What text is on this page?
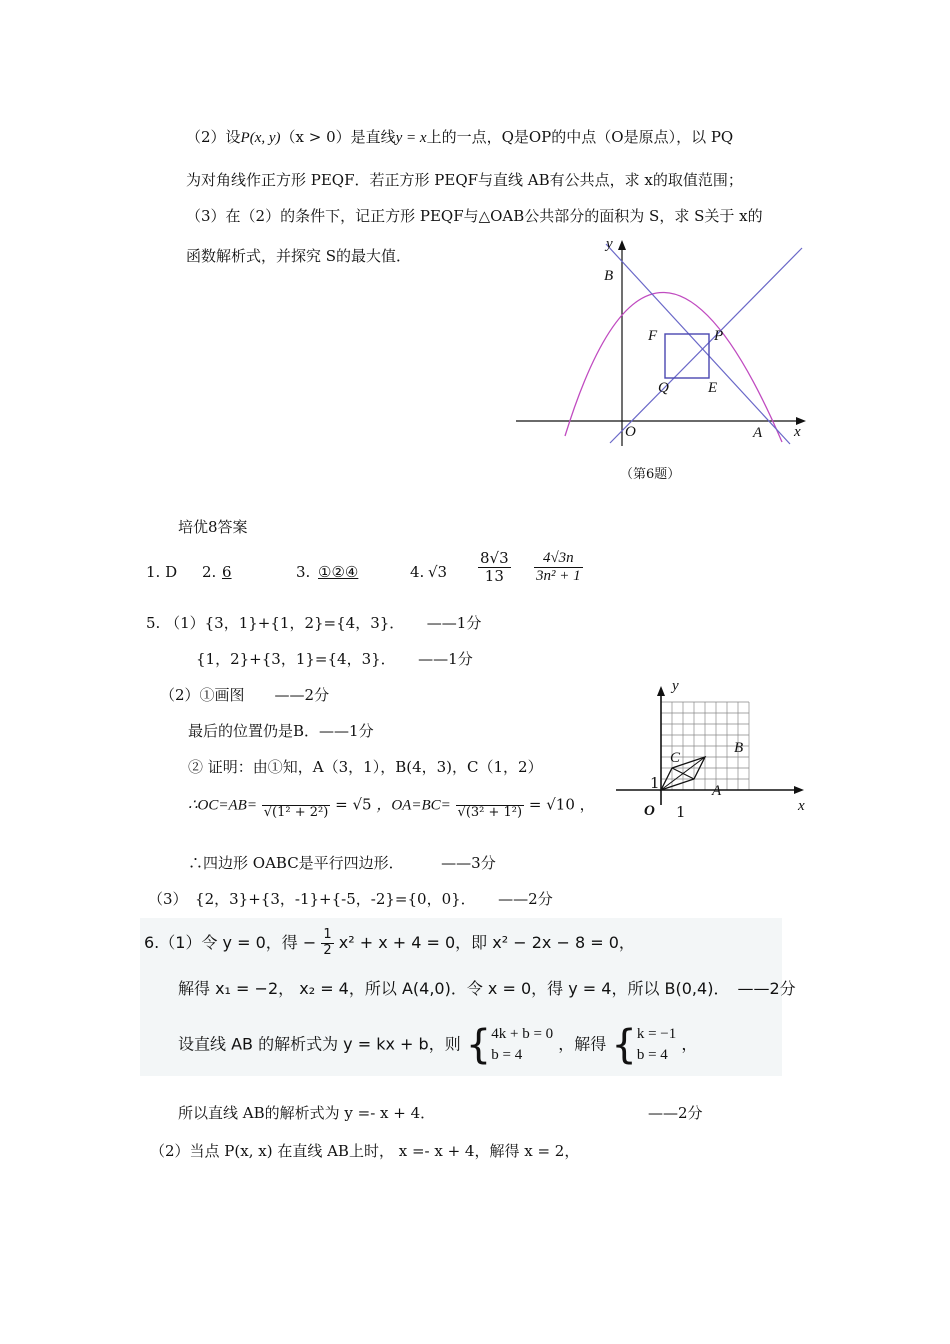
（2）设P(x, y)（x > 0）是直线y = x上的一点，Q是OP的中点（O是原点），以 PQ
为对角线作正方形 PEQF．若正方形 PEQF与直线 AB有公共点，求 x的取值范围；
（3）在（2）的条件下，记正方形 PEQF与△OAB公共部分的面积为 S，求 S关于 x的
函数解析式，并探究 S的最大值．
y
B
F	P
Q	E
O	A x
（第6题）
培优8答案
1. D 2. 6	3. ①②④	4. $√3 \frac{8√3}{13} \frac{4√3n}{\text{3n² + 1}}$
5. （1）{3，1}+{1，2}={4，3}．　　——1分
{1，2}+{3，1}={4，3}．　　——1分
（2）①画图　　——2分
最后的位置仍是B．——1分
② 证明：由①知，A（3，1），B(4，3)，C（1，2）
∴OC=AB= √(1² + 2²) = √5 ，OA=BC= √(3² + 1²) = √10 ，
∴四边形 OABC是平行四边形．　　　——3分
（3）　{2，3}+{3，-1}+{-5，-2}={0，0}．　　——2分
y
B
C
1	A
O 1	x
6.（1）令 y = 0，得 − $\frac{1}{2} x^2 + x + 4 = 0$，即 x² − 2x − 8 = 0，
解得 x₁ = −2， x₂ = 4，所以 A(4,0)．令 x = 0，得 y = 4，所以 B(0,4)．　——2分
设直线 AB 的解析式为 y = kx + b，则 { 4k + b = 0
b = 4
，解得 { k = −1
b = 4
，
所以直线 AB的解析式为 y =- x + 4．	——2分
（2）当点 P(x, x) 在直线 AB上时， x =- x + 4，解得 x = 2，
